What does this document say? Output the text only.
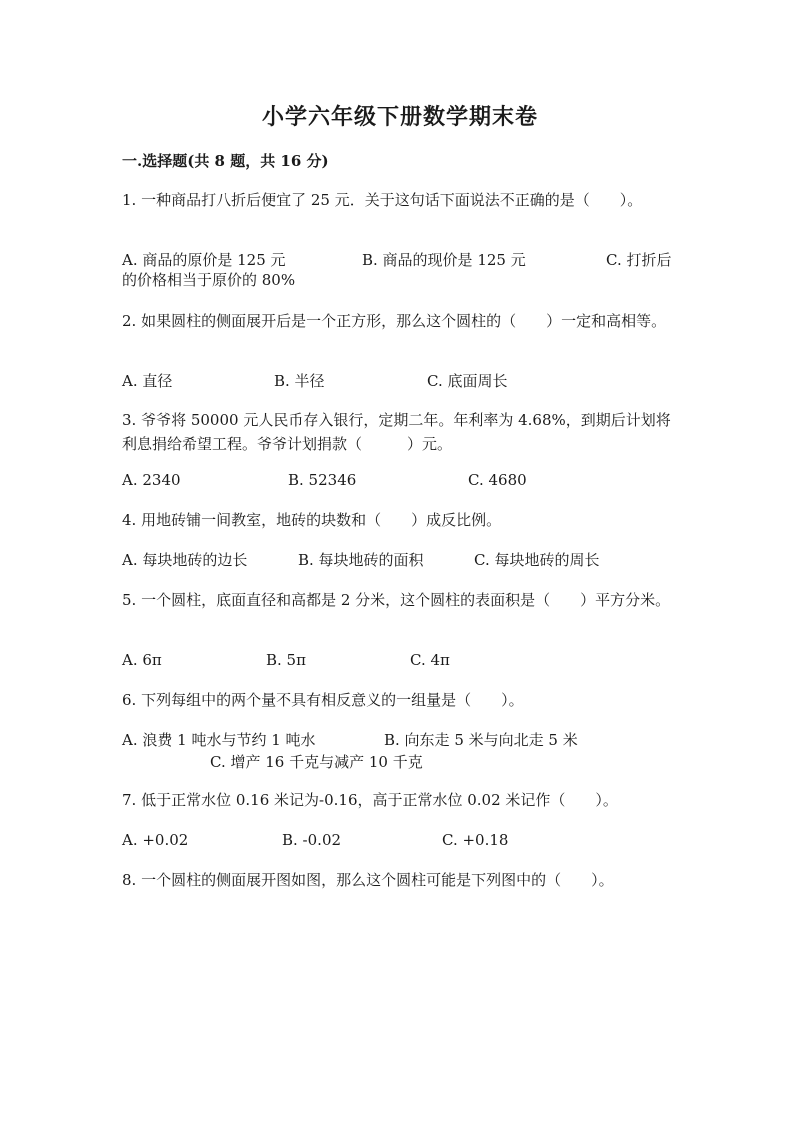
小学六年级下册数学期末卷
一.选择题(共 8 题，共 16 分)
1. 一种商品打八折后便宜了 25 元．关于这句话下面说法不正确的是（　　）。
A. 商品的原价是 125 元	B. 商品的现价是 125 元	C. 打折后
的价格相当于原价的 80%
2. 如果圆柱的侧面展开后是一个正方形，那么这个圆柱的（　　）一定和高相等。
A. 直径	B. 半径	C. 底面周长
3. 爷爷将 50000 元人民币存入银行，定期二年。年利率为 4.68%，到期后计划将利息捐给希望工程。爷爷计划捐款（　　　）元。
A. 2340	B. 52346	C. 4680
4. 用地砖铺一间教室，地砖的块数和（　　）成反比例。
A. 每块地砖的边长	B. 每块地砖的面积	C. 每块地砖的周长
5. 一个圆柱，底面直径和高都是 2 分米，这个圆柱的表面积是（　　）平方分米。
A. 6π	B. 5π	C. 4π
6. 下列每组中的两个量不具有相反意义的一组量是（　　）。
A. 浪费 1 吨水与节约 1 吨水	B. 向东走 5 米与向北走 5 米
C. 增产 16 千克与减产 10 千克
7. 低于正常水位 0.16 米记为-0.16，高于正常水位 0.02 米记作（　　）。
A. +0.02	B. -0.02	C. +0.18
8. 一个圆柱的侧面展开图如图，那么这个圆柱可能是下列图中的（　　）。
